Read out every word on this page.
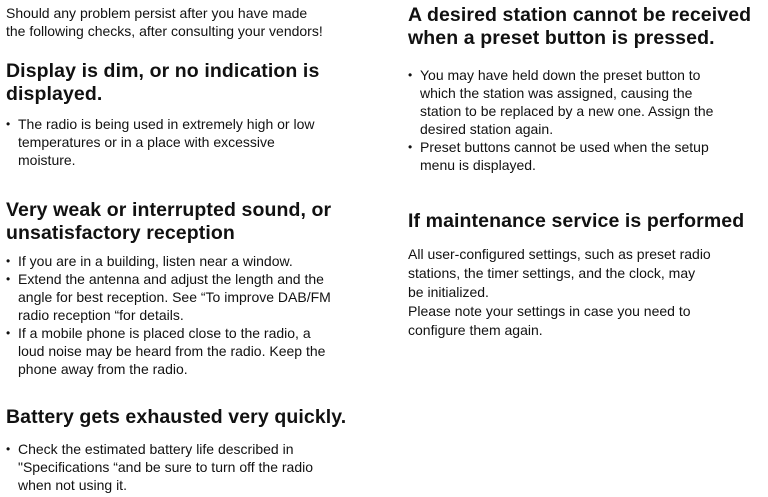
Should any problem persist after you have made
the following checks, after consulting your vendors!

Display is dim, or no indication is
displayed.
• The radio is being used in extremely high or low
temperatures or in a place with excessive
moisture.
Very weak or interrupted sound, or
unsatisfactory reception
• If you are in a building, listen near a window.
• Extend the antenna and adjust the length and the
angle for best reception. See “To improve DAB/FM
radio reception “for details.
• If a mobile phone is placed close to the radio, a
loud noise may be heard from the radio. Keep the
phone away from the radio.
Battery gets exhausted very quickly.
• Check the estimated battery life described in
"Specifications “and be sure to turn off the radio
when not using it.
A desired station cannot be received
when a preset button is pressed.
• You may have held down the preset button to
which the station was assigned, causing the
station to be replaced by a new one. Assign the
desired station again.
• Preset buttons cannot be used when the setup
menu is displayed.
If maintenance service is performed

All user-configured settings, such as preset radio
stations, the timer settings, and the clock, may
be initialized.
Please note your settings in case you need to
configure them again.
